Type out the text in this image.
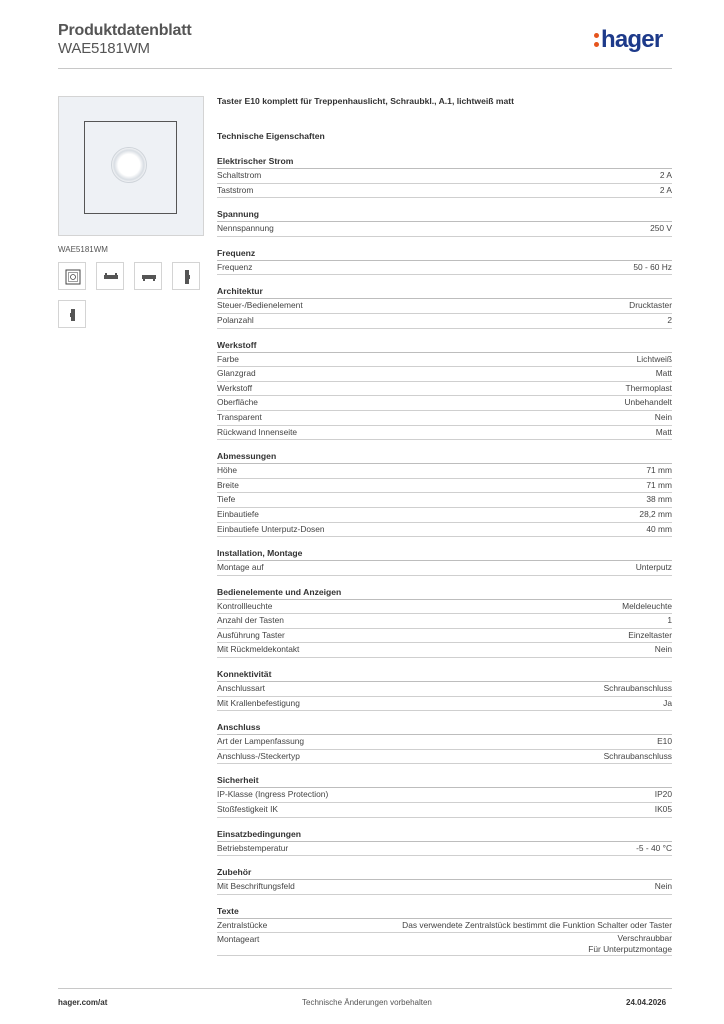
Produktdatenblatt
WAE5181WM	hager
WAE5181WM
Taster E10 komplett für Treppenhauslicht, Schraubkl., A.1, lichtweiß matt
Technische Eigenschaften
Elektrischer Strom
Schaltstrom	2 A
Taststrom	2 A
Spannung
Nennspannung	250 V
Frequenz
Frequenz	50 - 60 Hz
Architektur
Steuer-/Bedienelement	Drucktaster
Polanzahl	2
Werkstoff
Farbe	Lichtweiß
Glanzgrad	Matt
Werkstoff	Thermoplast
Oberfläche	Unbehandelt
Transparent	Nein
Rückwand Innenseite	Matt
Abmessungen
Höhe	71 mm
Breite	71 mm
Tiefe	38 mm
Einbautiefe	28,2 mm
Einbautiefe Unterputz-Dosen	40 mm
Installation, Montage
Montage auf	Unterputz
Bedienelemente und Anzeigen
Kontrollleuchte	Meldeleuchte
Anzahl der Tasten	1
Ausführung Taster	Einzeltaster
Mit Rückmeldekontakt	Nein
Konnektivität
Anschlussart	Schraubanschluss
Mit Krallenbefestigung	Ja
Anschluss
Art der Lampenfassung	E10
Anschluss-/Steckertyp	Schraubanschluss
Sicherheit
IP-Klasse (Ingress Protection)	IP20
Stoßfestigkeit IK	IK05
Einsatzbedingungen
Betriebstemperatur	-5 - 40 °C
Zubehör
Mit Beschriftungsfeld	Nein
Texte
Zentralstücke	Das verwendete Zentralstück bestimmt die Funktion Schalter oder Taster
Montageart	Verschraubbar
Für Unterputzmontage
hager.com/at	Technische Änderungen vorbehalten	24.04.2026
